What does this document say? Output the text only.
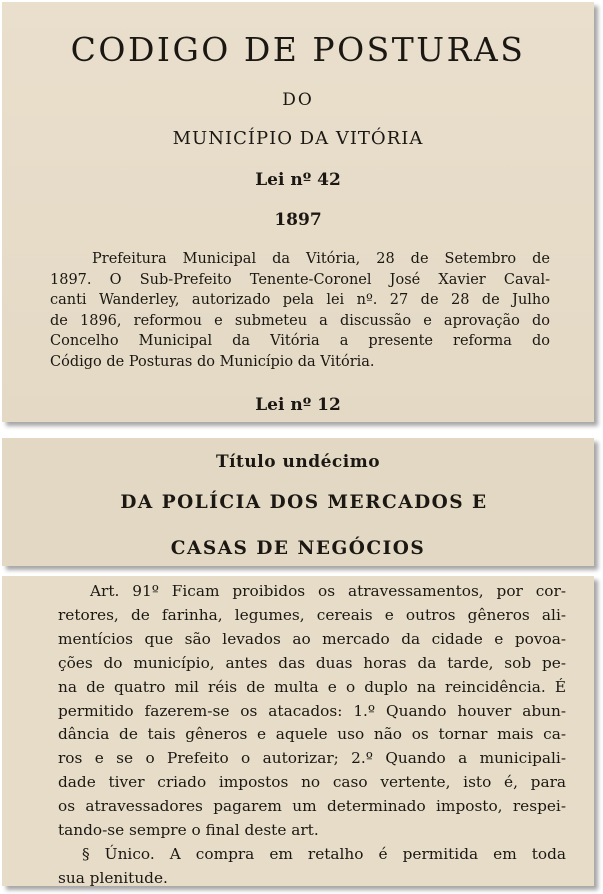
CODIGO DE POSTURAS
DO
MUNICÍPIO DA VITÓRIA
Lei nº 42
1897
Prefeitura Municipal da Vitória, 28 de Setembro de
1897. O Sub-Prefeito Tenente-Coronel José Xavier Caval-
canti Wanderley, autorizado pela lei nº. 27 de 28 de Julho
de 1896, reformou e submeteu a discussão e aprovação do
Concelho Municipal da Vitória a presente reforma do
Código de Posturas do Município da Vitória.
Lei nº 12
Título undécimo
DA POLÍCIA DOS MERCADOS E
CASAS DE NEGÓCIOS
Art. 91º Ficam proibidos os atravessamentos, por cor-
retores, de farinha, legumes, cereais e outros gêneros ali-
mentícios que são levados ao mercado da cidade e povoa-
ções do município, antes das duas horas da tarde, sob pe-
na de quatro mil réis de multa e o duplo na reincidência. É
permitido fazerem-se os atacados: 1.º Quando houver abun-
dância de tais gêneros e aquele uso não os tornar mais ca-
ros e se o Prefeito o autorizar; 2.º Quando a municipali-
dade tiver criado impostos no caso vertente, isto é, para
os atravessadores pagarem um determinado imposto, respei-
tando-se sempre o final deste art.
§ Único. A compra em retalho é permitida em toda
sua plenitude.
